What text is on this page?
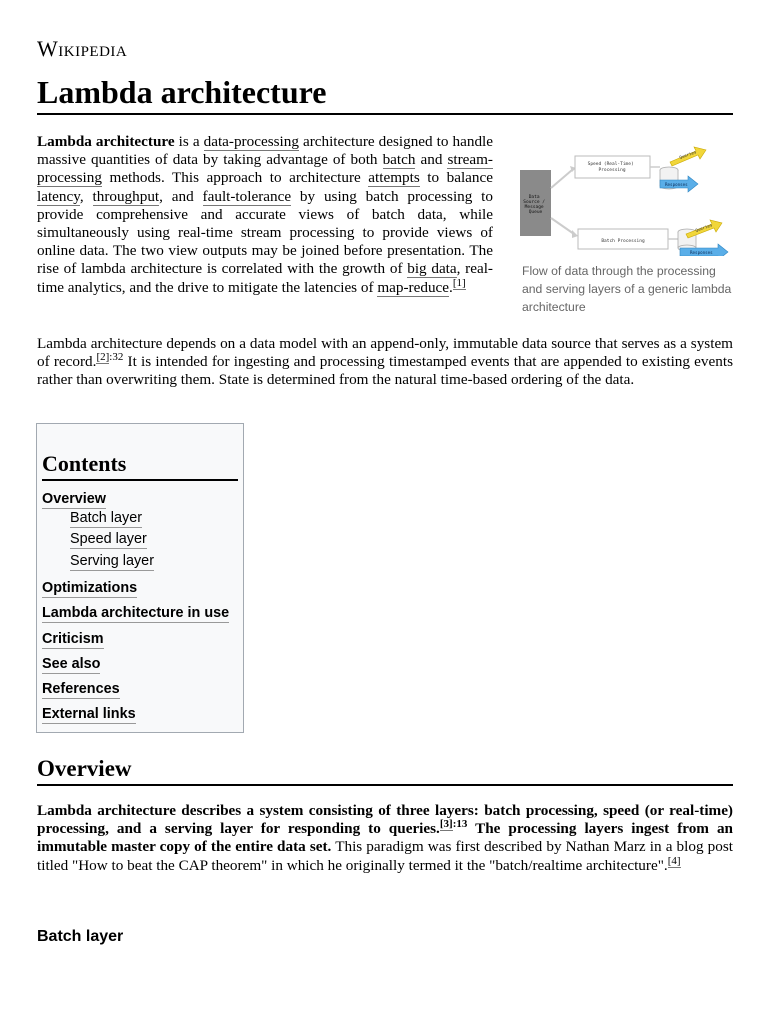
Wikipedia
Lambda architecture
Lambda architecture is a data-processing architecture designed to handle massive quantities of data by taking advantage of both batch and stream-processing methods. This approach to architecture attempts to balance latency, throughput, and fault-tolerance by using batch processing to provide comprehensive and accurate views of batch data, while simultaneously using real-time stream processing to provide views of online data. The two view outputs may be joined before presentation. The rise of lambda architecture is correlated with the growth of big data, real-time analytics, and the drive to mitigate the latencies of map-reduce.[1]
Data Source / Message Queue
Speed (Real-Time) Processing
Queries
Responses
Batch Processing
Queries
Responses
Flow of data through the processing and serving layers of a generic lambda architecture
Lambda architecture depends on a data model with an append-only, immutable data source that serves as a system of record.$^{[2]:32}$ It is intended for ingesting and processing timestamped events that are appended to existing events rather than overwriting them. State is determined from the natural time-based ordering of the data.
Contents
Overview
Batch layer
Speed layer
Serving layer
Optimizations
Lambda architecture in use
Criticism
See also
References
External links
Overview
Lambda architecture describes a system consisting of three layers: batch processing, speed (or real-time) processing, and a serving layer for responding to queries.$^{[3]:13}$ The processing layers ingest from an immutable master copy of the entire data set. This paradigm was first described by Nathan Marz in a blog post titled "How to beat the CAP theorem" in which he originally termed it the "batch/realtime architecture".[4]
Batch layer
